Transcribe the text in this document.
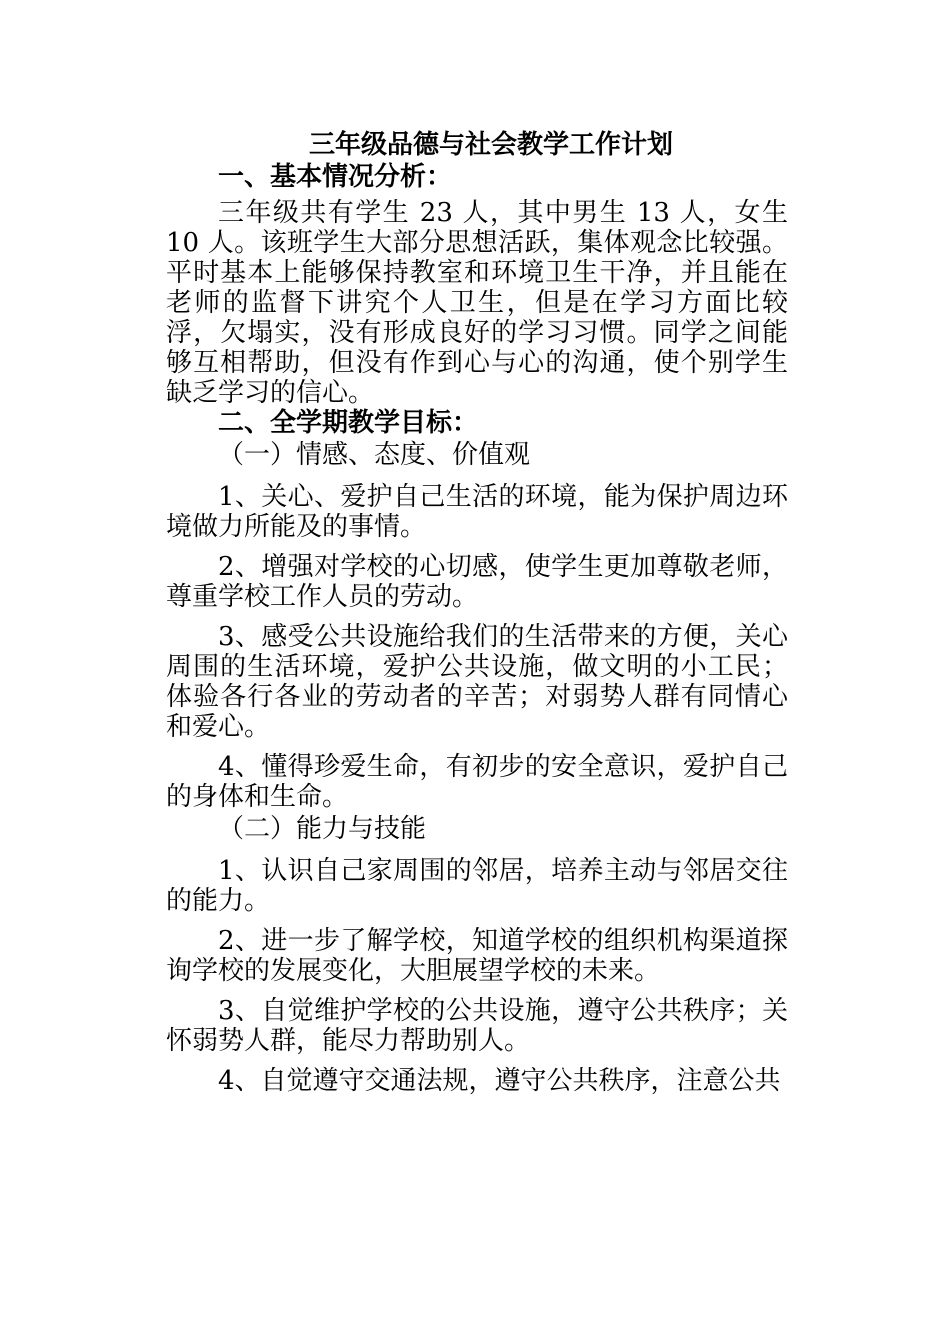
三年级品德与社会教学工作计划
一、基本情况分析：

三年级共有学生 23 人，其中男生 13 人，女生 10 人。该班学生大部分思想活跃，集体观念比较强。平时基本上能够保持教室和环境卫生干净，并且能在老师的监督下讲究个人卫生，但是在学习方面比较浮，欠塌实，没有形成良好的学习习惯。同学之间能够互相帮助，但没有作到心与心的沟通，使个别学生缺乏学习的信心。

二、全学期教学目标：
（一）情感、态度、价值观

1、关心、爱护自己生活的环境，能为保护周边环境做力所能及的事情。

2、增强对学校的心切感，使学生更加尊敬老师，尊重学校工作人员的劳动。

3、感受公共设施给我们的生活带来的方便，关心周围的生活环境，爱护公共设施，做文明的小工民；体验各行各业的劳动者的辛苦；对弱势人群有同情心和爱心。

4、懂得珍爱生命，有初步的安全意识，爱护自己的身体和生命。

（二）能力与技能

1、认识自己家周围的邻居，培养主动与邻居交往的能力。

2、进一步了解学校，知道学校的组织机构渠道探询学校的发展变化，大胆展望学校的未来。

3、自觉维护学校的公共设施，遵守公共秩序；关怀弱势人群，能尽力帮助别人。

4、自觉遵守交通法规，遵守公共秩序，注意公共
